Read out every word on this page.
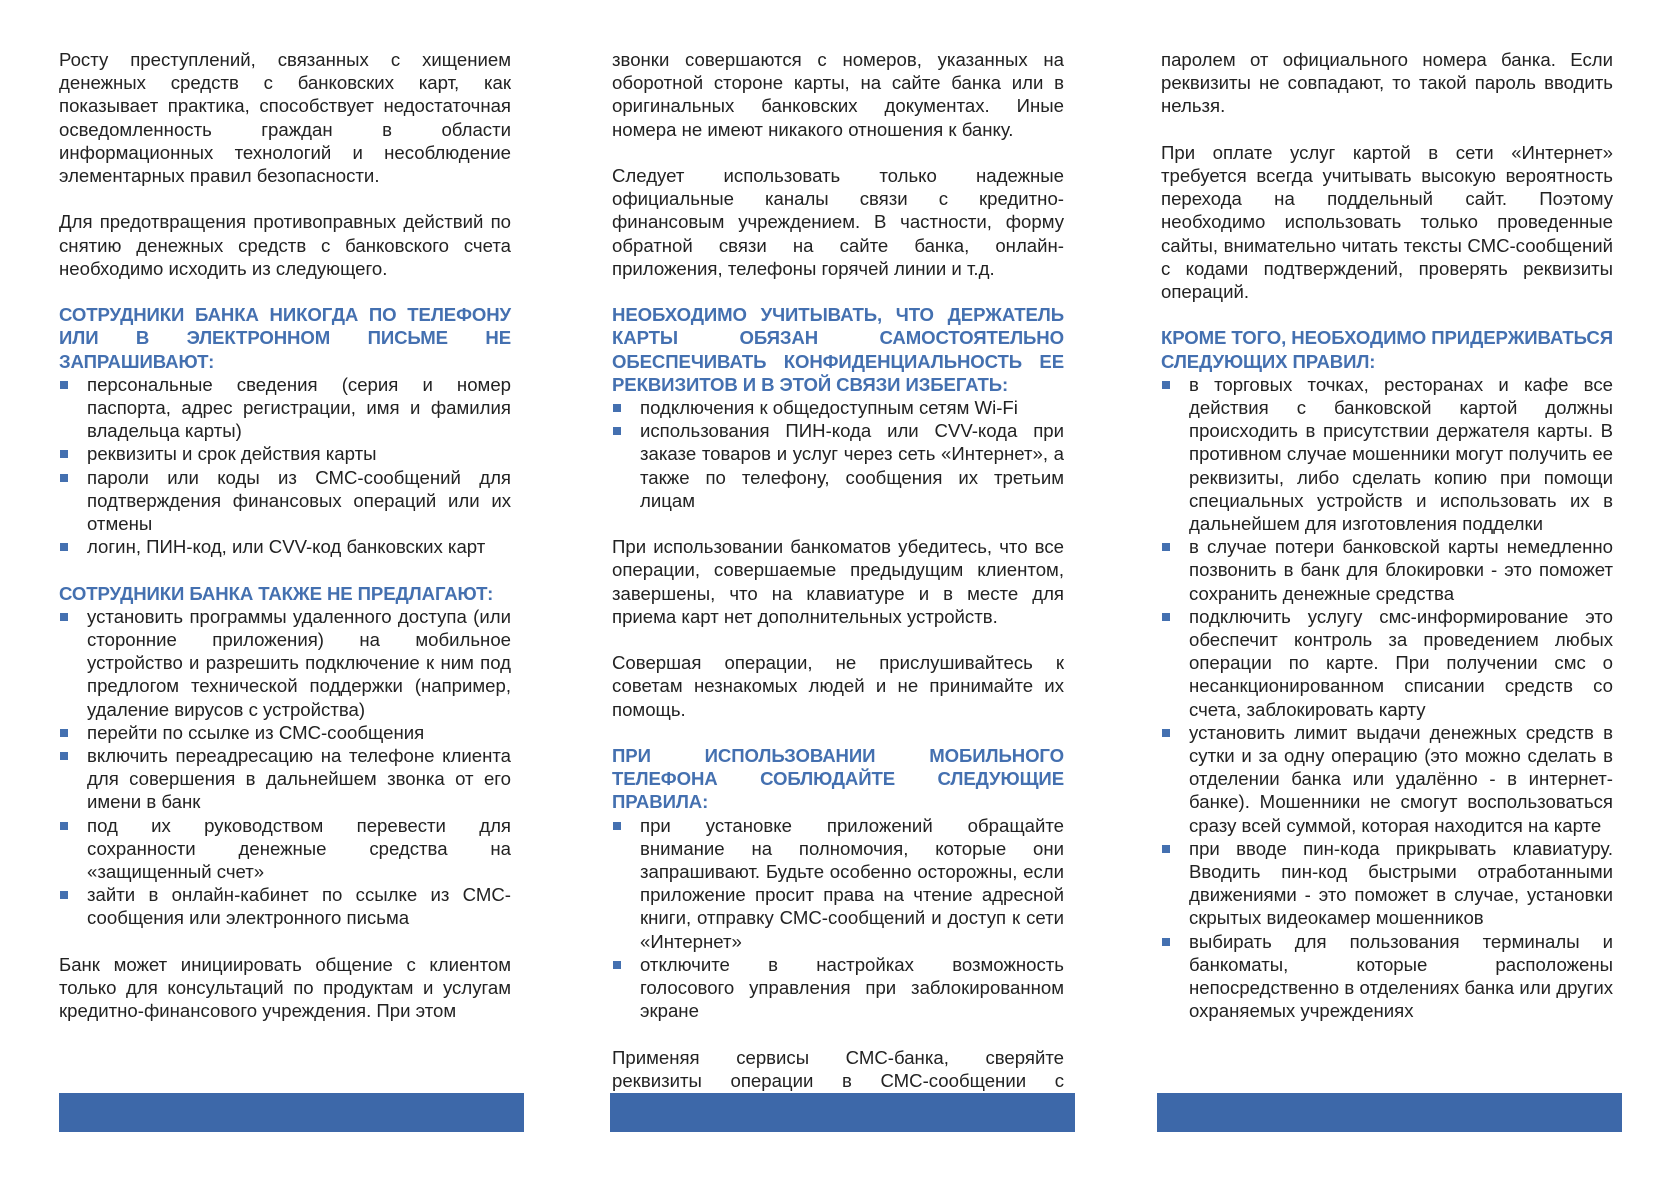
Росту преступлений, связанных с хищением денежных средств с банковских карт, как показывает практика, способствует недостаточная осведомленность граждан в области информационных технологий и несоблюдение элементарных правил безопасности.

Для предотвращения противоправных действий по снятию денежных средств с банковского счета необходимо исходить из следующего.

СОТРУДНИКИ БАНКА НИКОГДА ПО ТЕЛЕФОНУ ИЛИ В ЭЛЕКТРОННОМ ПИСЬМЕ НЕ ЗАПРАШИВАЮТ:
персональные сведения (серия и номер паспорта, адрес регистрации, имя и фамилия владельца карты)
реквизиты и срок действия карты
пароли или коды из СМС-сообщений для подтверждения финансовых операций или их отмены
логин, ПИН-код, или CVV-код банковских карт
СОТРУДНИКИ БАНКА ТАКЖЕ НЕ ПРЕДЛАГАЮТ:
установить программы удаленного доступа (или сторонние приложения) на мобильное устройство и разрешить подключение к ним под предлогом технической поддержки (например, удаление вирусов с устройства)
перейти по ссылке из СМС-сообщения
включить переадресацию на телефоне клиента для совершения в дальнейшем звонка от его имени в банк
под их руководством перевести для сохранности денежные средства на «защищенный счет»
зайти в онлайн-кабинет по ссылке из СМС-сообщения или электронного письма

Банк может инициировать общение с клиентом только для консультаций по продуктам и услугам кредитно-финансового учреждения. При этом

звонки совершаются с номеров, указанных на оборотной стороне карты, на сайте банка или в оригинальных банковских документах. Иные номера не имеют никакого отношения к банку.

Следует использовать только надежные официальные каналы связи с кредитно-финансовым учреждением. В частности, форму обратной связи на сайте банка, онлайн-приложения, телефоны горячей линии и т.д.

НЕОБХОДИМО УЧИТЫВАТЬ, ЧТО ДЕРЖАТЕЛЬ КАРТЫ ОБЯЗАН САМОСТОЯТЕЛЬНО ОБЕСПЕЧИВАТЬ КОНФИДЕНЦИАЛЬНОСТЬ ЕЕ РЕКВИЗИТОВ И В ЭТОЙ СВЯЗИ ИЗБЕГАТЬ:
подключения к общедоступным сетям Wi-Fi
использования ПИН-кода или CVV-кода при заказе товаров и услуг через сеть «Интернет», а также по телефону, сообщения их третьим лицам

При использовании банкоматов убедитесь, что все операции, совершаемые предыдущим клиентом, завершены, что на клавиатуре и в месте для приема карт нет дополнительных устройств.

Совершая операции, не прислушивайтесь к советам незнакомых людей и не принимайте их помощь.

ПРИ ИСПОЛЬЗОВАНИИ МОБИЛЬНОГО ТЕЛЕФОНА СОБЛЮДАЙТЕ СЛЕДУЮЩИЕ ПРАВИЛА:
при установке приложений обращайте внимание на полномочия, которые они запрашивают. Будьте особенно осторожны, если приложение просит права на чтение адресной книги, отправку СМС-сообщений и доступ к сети «Интернет»
отключите в настройках возможность голосового управления при заблокированном экране

Применяя сервисы СМС-банка, сверяйте реквизиты операции в СМС-сообщении с

паролем от официального номера банка. Если реквизиты не совпадают, то такой пароль вводить нельзя.

При оплате услуг картой в сети «Интернет» требуется всегда учитывать высокую вероятность перехода на поддельный сайт. Поэтому необходимо использовать только проведенные сайты, внимательно читать тексты СМС-сообщений с кодами подтверждений, проверять реквизиты операций.

КРОМЕ ТОГО, НЕОБХОДИМО ПРИДЕРЖИВАТЬСЯ СЛЕДУЮЩИХ ПРАВИЛ:
в торговых точках, ресторанах и кафе все действия с банковской картой должны происходить в присутствии держателя карты. В противном случае мошенники могут получить ее реквизиты, либо сделать копию при помощи специальных устройств и использовать их в дальнейшем для изготовления подделки
в случае потери банковской карты немедленно позвонить в банк для блокировки - это поможет сохранить денежные средства
подключить услугу смс-информирование это обеспечит контроль за проведением любых операции по карте. При получении смс о несанкционированном списании средств со счета, заблокировать карту
установить лимит выдачи денежных средств в сутки и за одну операцию (это можно сделать в отделении банка или удалённо - в интернет-банке). Мошенники не смогут воспользоваться сразу всей суммой, которая находится на карте
при вводе пин-кода прикрывать клавиатуру. Вводить пин-код быстрыми отработанными движениями - это поможет в случае, установки скрытых видеокамер мошенников
выбирать для пользования терминалы и банкоматы, которые расположены непосредственно в отделениях банка или других охраняемых учреждениях
